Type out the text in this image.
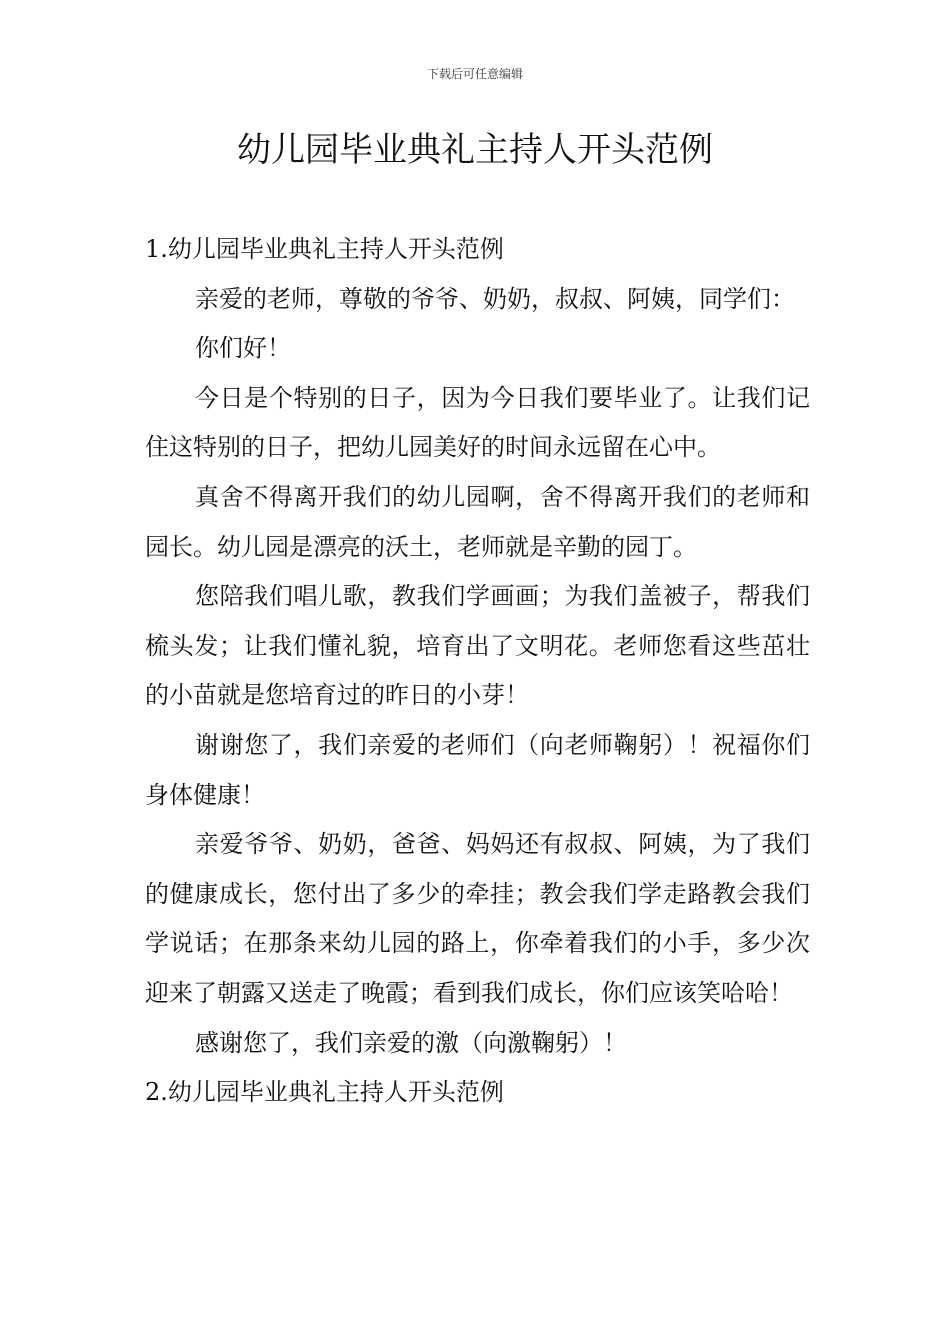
下载后可任意编辑
幼儿园毕业典礼主持人开头范例

1.幼儿园毕业典礼主持人开头范例

亲爱的老师，尊敬的爷爷、奶奶，叔叔、阿姨，同学们：

你们好！

今日是个特别的日子，因为今日我们要毕业了。让我们记住这特别的日子，把幼儿园美好的时间永远留在心中。

真舍不得离开我们的幼儿园啊，舍不得离开我们的老师和园长。幼儿园是漂亮的沃土，老师就是辛勤的园丁。

您陪我们唱儿歌，教我们学画画；为我们盖被子，帮我们梳头发；让我们懂礼貌，培育出了文明花。老师您看这些茁壮的小苗就是您培育过的昨日的小芽！

谢谢您了，我们亲爱的老师们（向老师鞠躬）！祝福你们身体健康！

亲爱爷爷、奶奶，爸爸、妈妈还有叔叔、阿姨，为了我们的健康成长，您付出了多少的牵挂；教会我们学走路教会我们学说话；在那条来幼儿园的路上，你牵着我们的小手，多少次迎来了朝露又送走了晚霞；看到我们成长，你们应该笑哈哈！

感谢您了，我们亲爱的激（向激鞠躬）！

2.幼儿园毕业典礼主持人开头范例
